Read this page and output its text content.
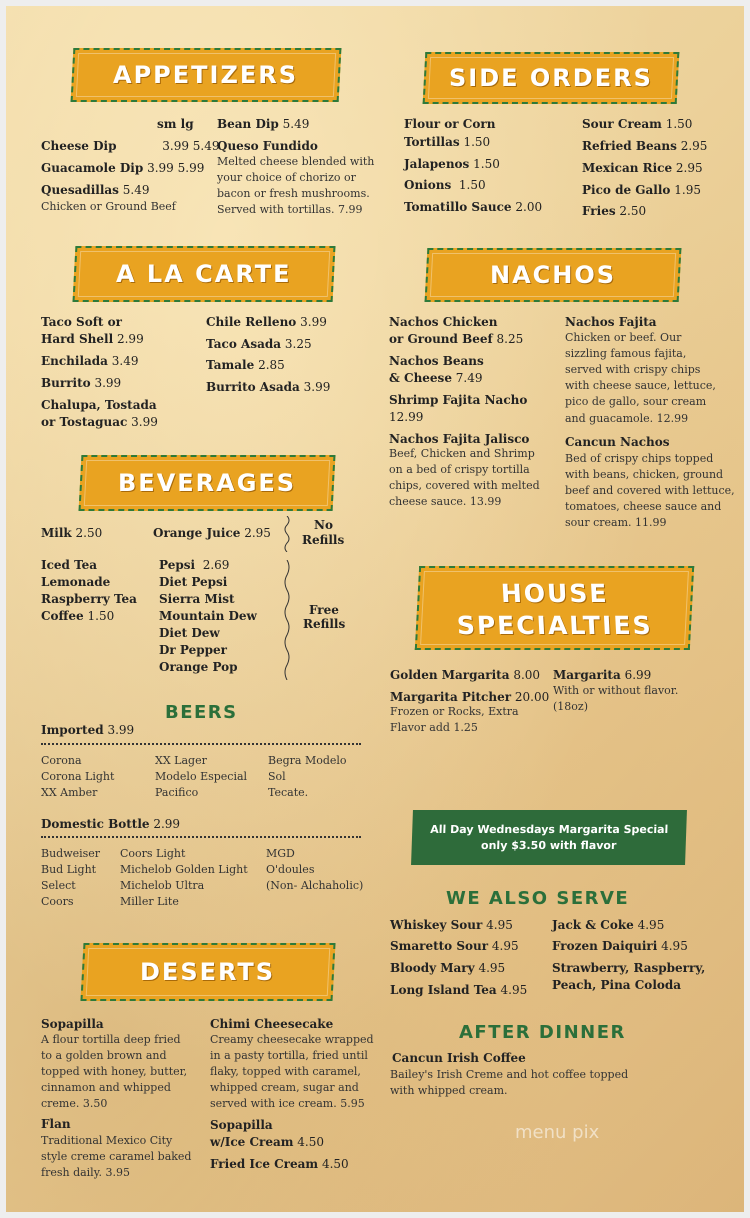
APPETIZERS	SIDE ORDERS
A LA CARTE	NACHOS
BEVERAGES
HOUSE
SPECIALTIES
DESERTS
sm lg
Cheese Dip	3.99 5.49
Guacamole Dip 3.99 5.99
Quesadillas 5.49
Chicken or Ground Beef
Bean Dip 5.49
Queso Fundido
Melted cheese blended with
your choice of chorizo or
bacon or fresh mushrooms.
Served with tortillas. 7.99
Flour or Corn
Tortillas 1.50
Jalapenos 1.50
Onions 1.50
Tomatillo Sauce 2.00
Sour Cream 1.50
Refried Beans 2.95
Mexican Rice 2.95
Pico de Gallo 1.95
Fries 2.50
Taco Soft or
Hard Shell 2.99
Enchilada 3.49
Burrito 3.99
Chalupa, Tostada
or Tostaguac 3.99
Chile Relleno 3.99
Taco Asada 3.25
Tamale 2.85
Burrito Asada 3.99
Nachos Chicken
or Ground Beef 8.25
Nachos Beans
& Cheese 7.49
Shrimp Fajita Nacho
12.99
Nachos Fajita Jalisco
Beef, Chicken and Shrimp
on a bed of crispy tortilla
chips, covered with melted
cheese sauce. 13.99
Nachos Fajita
Chicken or beef. Our
sizzling famous fajita,
served with crispy chips
with cheese sauce, lettuce,
pico de gallo, sour cream
and guacamole. 12.99
Cancun Nachos
Bed of crispy chips topped
with beans, chicken, ground
beef and covered with lettuce,
tomatoes, cheese sauce and
sour cream. 11.99
Milk 2.50	Orange Juice 2.95
No
Refills
Iced Tea
Lemonade
Raspberry Tea
Coffee 1.50
Pepsi 2.69
Diet Pepsi
Sierra Mist
Mountain Dew
Diet Dew
Dr Pepper
Orange Pop
Free
Refills
BEERS
Imported 3.99
Corona
Corona Light
XX Amber
XX Lager
Modelo Especial
Pacifico
Begra Modelo
Sol
Tecate.
Domestic Bottle 2.99
Budweiser
Bud Light
Select
Coors
Coors Light
Michelob Golden Light
Michelob Ultra
Miller Lite
MGD
O'doules
(Non- Alchaholic)
Golden Margarita 8.00
Margarita Pitcher 20.00
Frozen or Rocks, Extra
Flavor add 1.25
Margarita 6.99
With or without flavor.
(18oz)
All Day Wednesdays Margarita Special
only $3.50 with flavor
WE ALSO SERVE
Whiskey Sour 4.95
Smaretto Sour 4.95
Bloody Mary 4.95
Long Island Tea 4.95
Jack & Coke 4.95
Frozen Daiquiri 4.95
Strawberry, Raspberry,
Peach, Pina Coloda
AFTER DINNER
Cancun Irish Coffee
Bailey's Irish Creme and hot coffee topped
with whipped cream.
Sopapilla
A flour tortilla deep fried
to a golden brown and
topped with honey, butter,
cinnamon and whipped
creme. 3.50
Flan
Traditional Mexico City
style creme caramel baked
fresh daily. 3.95
Chimi Cheesecake
Creamy cheesecake wrapped
in a pasty tortilla, fried until
flaky, topped with caramel,
whipped cream, sugar and
served with ice cream. 5.95
Sopapilla
w/Ice Cream 4.50
Fried Ice Cream 4.50
menu pix
